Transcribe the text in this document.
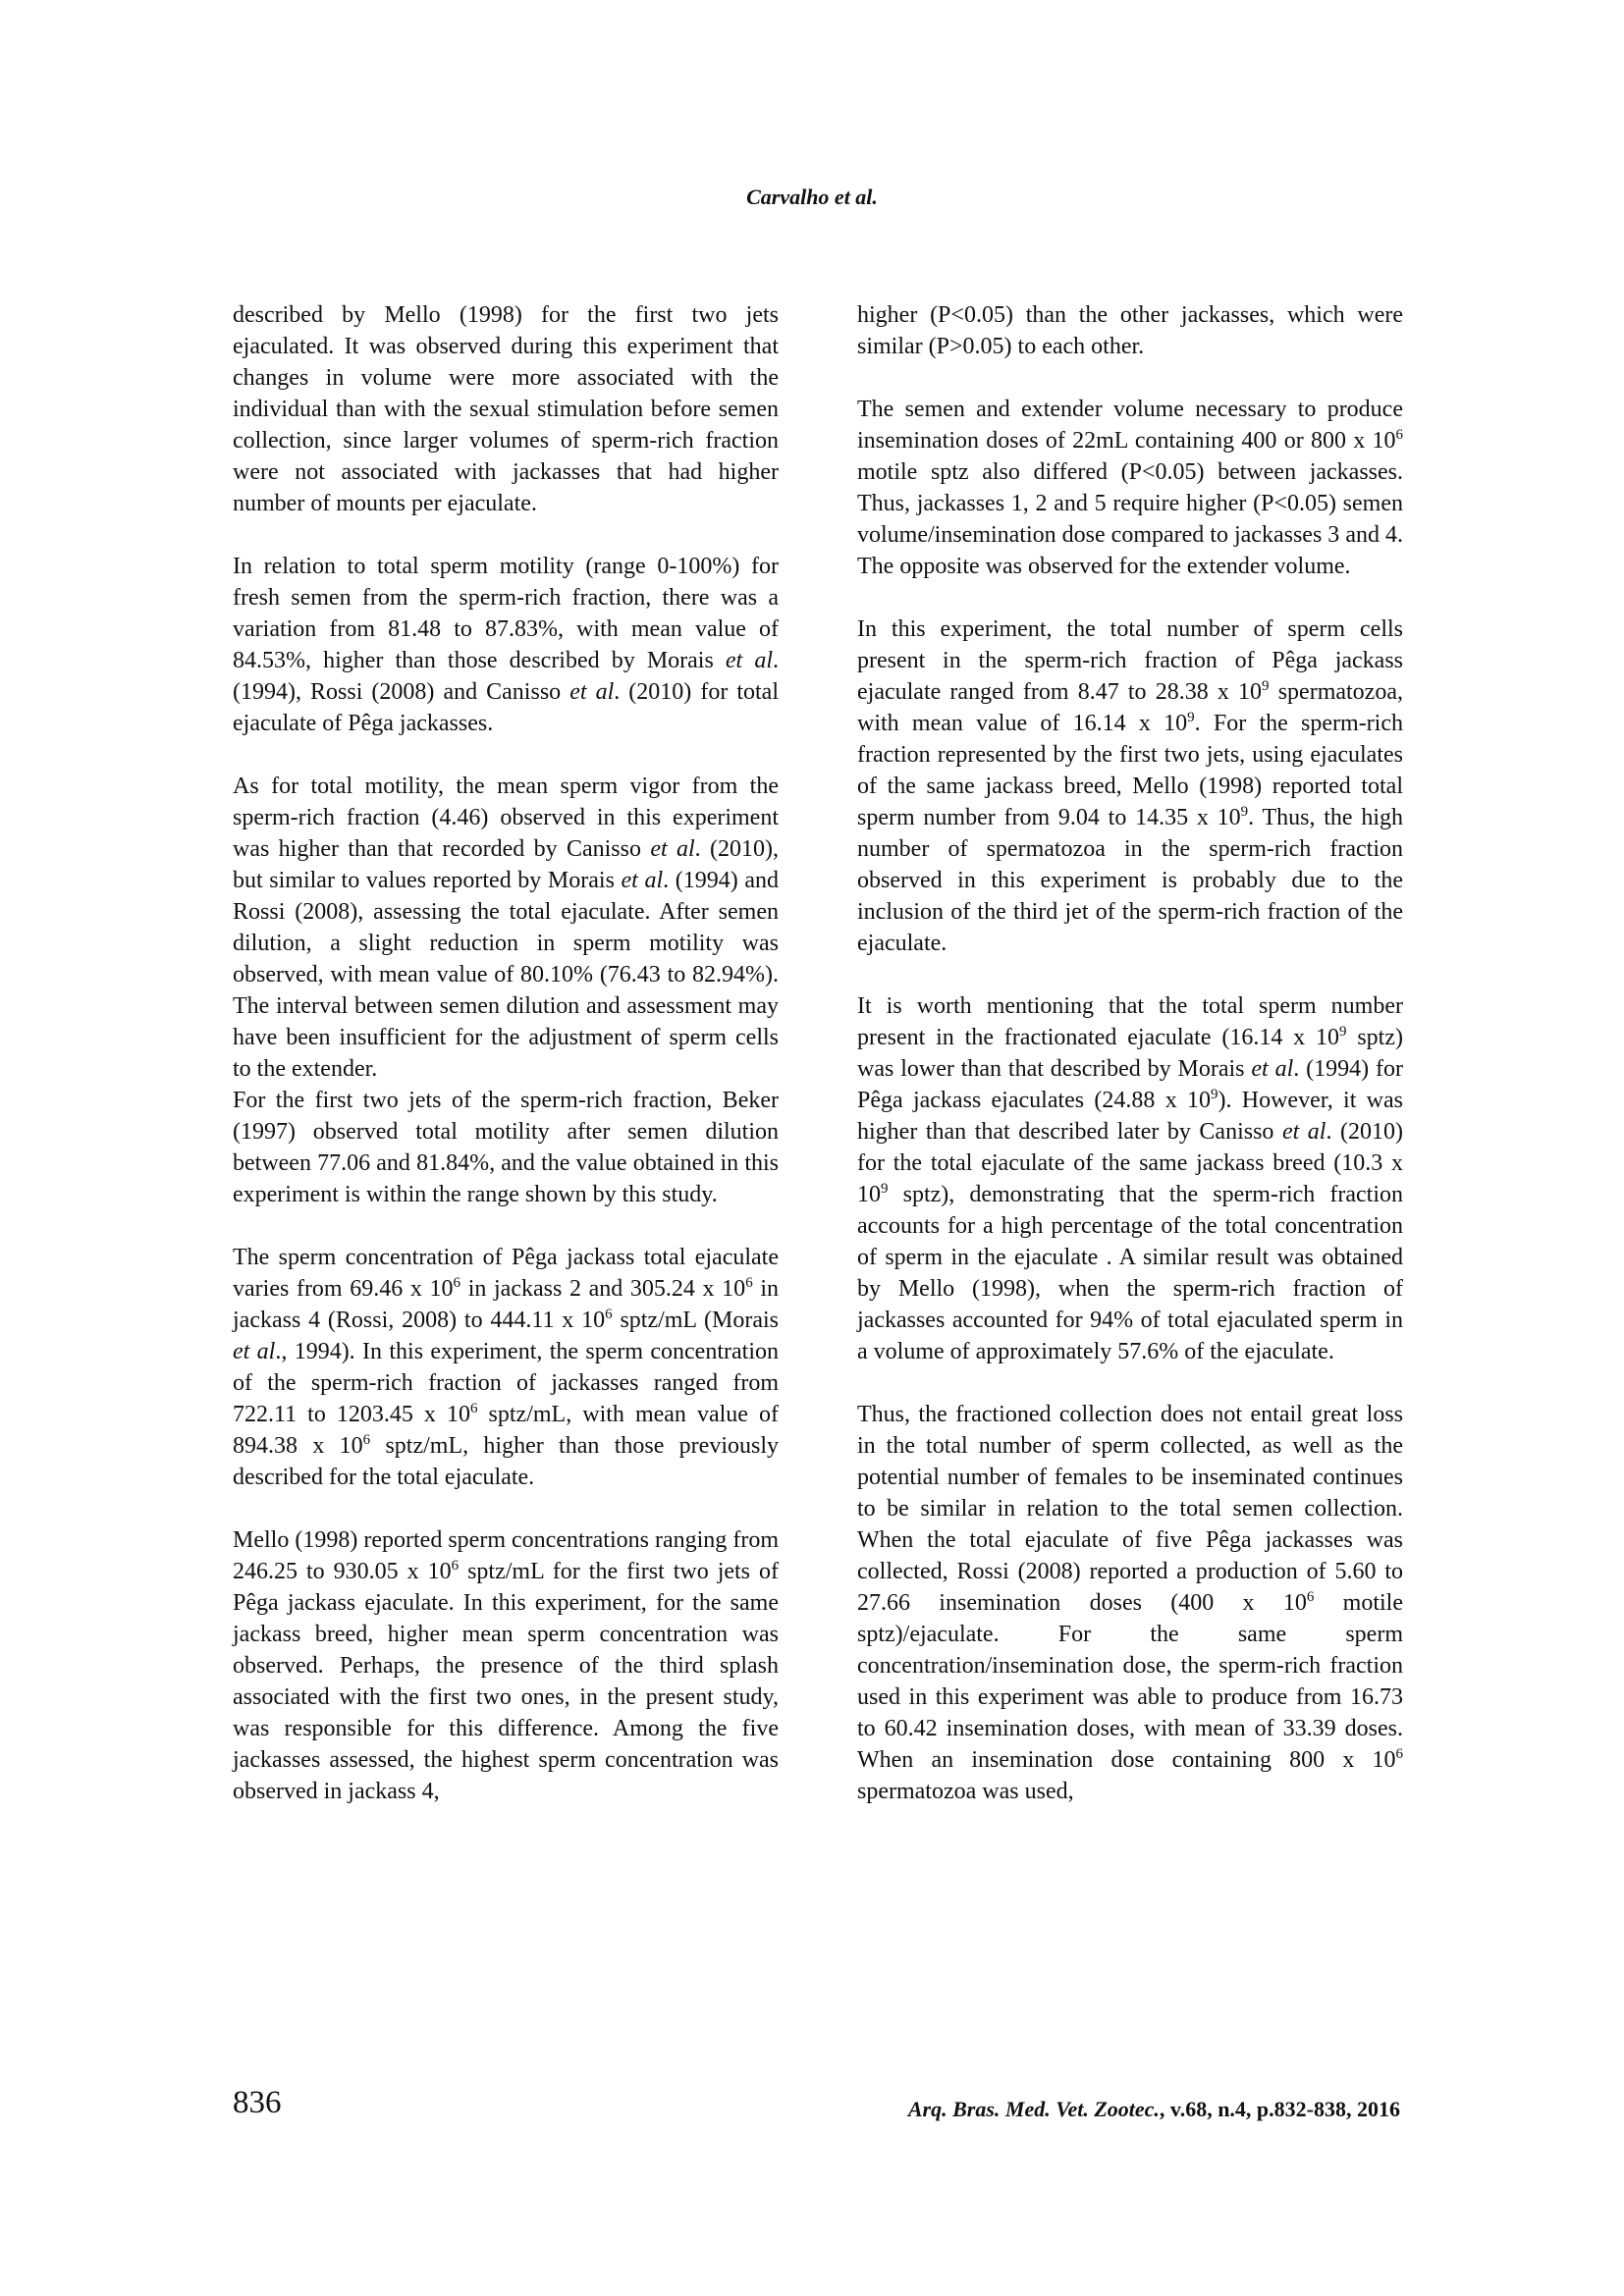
Carvalho et al.

described by Mello (1998) for the first two jets ejaculated. It was observed during this experiment that changes in volume were more associated with the individual than with the sexual stimulation before semen collection, since larger volumes of sperm-rich fraction were not associated with jackasses that had higher number of mounts per ejaculate.

In relation to total sperm motility (range 0-100%) for fresh semen from the sperm-rich fraction, there was a variation from 81.48 to 87.83%, with mean value of 84.53%, higher than those described by Morais et al. (1994), Rossi (2008) and Canisso et al. (2010) for total ejaculate of Pêga jackasses.

As for total motility, the mean sperm vigor from the sperm-rich fraction (4.46) observed in this experiment was higher than that recorded by Canisso et al. (2010), but similar to values reported by Morais et al. (1994) and Rossi (2008), assessing the total ejaculate. After semen dilution, a slight reduction in sperm motility was observed, with mean value of 80.10% (76.43 to 82.94%). The interval between semen dilution and assessment may have been insufficient for the adjustment of sperm cells to the extender.

For the first two jets of the sperm-rich fraction, Beker (1997) observed total motility after semen dilution between 77.06 and 81.84%, and the value obtained in this experiment is within the range shown by this study.

The sperm concentration of Pêga jackass total ejaculate varies from 69.46 x $10^6$ in jackass 2 and 305.24 x $10^6$ in jackass 4 (Rossi, 2008) to 444.11 x $10^6$ sptz/mL (Morais et al., 1994). In this experiment, the sperm concentration of the sperm-rich fraction of jackasses ranged from 722.11 to 1203.45 x $10^6$ sptz/mL, with mean value of 894.38 x $10^6$ sptz/mL, higher than those previously described for the total ejaculate.

Mello (1998) reported sperm concentrations ranging from 246.25 to 930.05 x $10^6$ sptz/mL for the first two jets of Pêga jackass ejaculate. In this experiment, for the same jackass breed, higher mean sperm concentration was observed. Perhaps, the presence of the third splash associated with the first two ones, in the present study, was responsible for this difference. Among the five jackasses assessed, the highest sperm concentration was observed in jackass 4,

higher (P<0.05) than the other jackasses, which were similar (P>0.05) to each other.

The semen and extender volume necessary to produce insemination doses of 22mL containing 400 or 800 x $10^6$ motile sptz also differed (P<0.05) between jackasses. Thus, jackasses 1, 2 and 5 require higher (P<0.05) semen volume/insemination dose compared to jackasses 3 and 4. The opposite was observed for the extender volume.

In this experiment, the total number of sperm cells present in the sperm-rich fraction of Pêga jackass ejaculate ranged from 8.47 to 28.38 x $10^9$ spermatozoa, with mean value of 16.14 x $10^9$. For the sperm-rich fraction represented by the first two jets, using ejaculates of the same jackass breed, Mello (1998) reported total sperm number from 9.04 to 14.35 x $10^9$. Thus, the high number of spermatozoa in the sperm-rich fraction observed in this experiment is probably due to the inclusion of the third jet of the sperm-rich fraction of the ejaculate.

It is worth mentioning that the total sperm number present in the fractionated ejaculate (16.14 x $10^9$ sptz) was lower than that described by Morais et al. (1994) for Pêga jackass ejaculates (24.88 x $10^9$). However, it was higher than that described later by Canisso et al. (2010) for the total ejaculate of the same jackass breed (10.3 x $10^9$ sptz), demonstrating that the sperm-rich fraction accounts for a high percentage of the total concentration of sperm in the ejaculate . A similar result was obtained by Mello (1998), when the sperm-rich fraction of jackasses accounted for 94% of total ejaculated sperm in a volume of approximately 57.6% of the ejaculate.

Thus, the fractioned collection does not entail great loss in the total number of sperm collected, as well as the potential number of females to be inseminated continues to be similar in relation to the total semen collection. When the total ejaculate of five Pêga jackasses was collected, Rossi (2008) reported a production of 5.60 to 27.66 insemination doses (400 x $10^6$ motile sptz)/ejaculate. For the same sperm concentration/insemination dose, the sperm-rich fraction used in this experiment was able to produce from 16.73 to 60.42 insemination doses, with mean of 33.39 doses. When an insemination dose containing 800 x $10^6$ spermatozoa was used,

836	Arq. Bras. Med. Vet. Zootec., v.68, n.4, p.832-838, 2016
